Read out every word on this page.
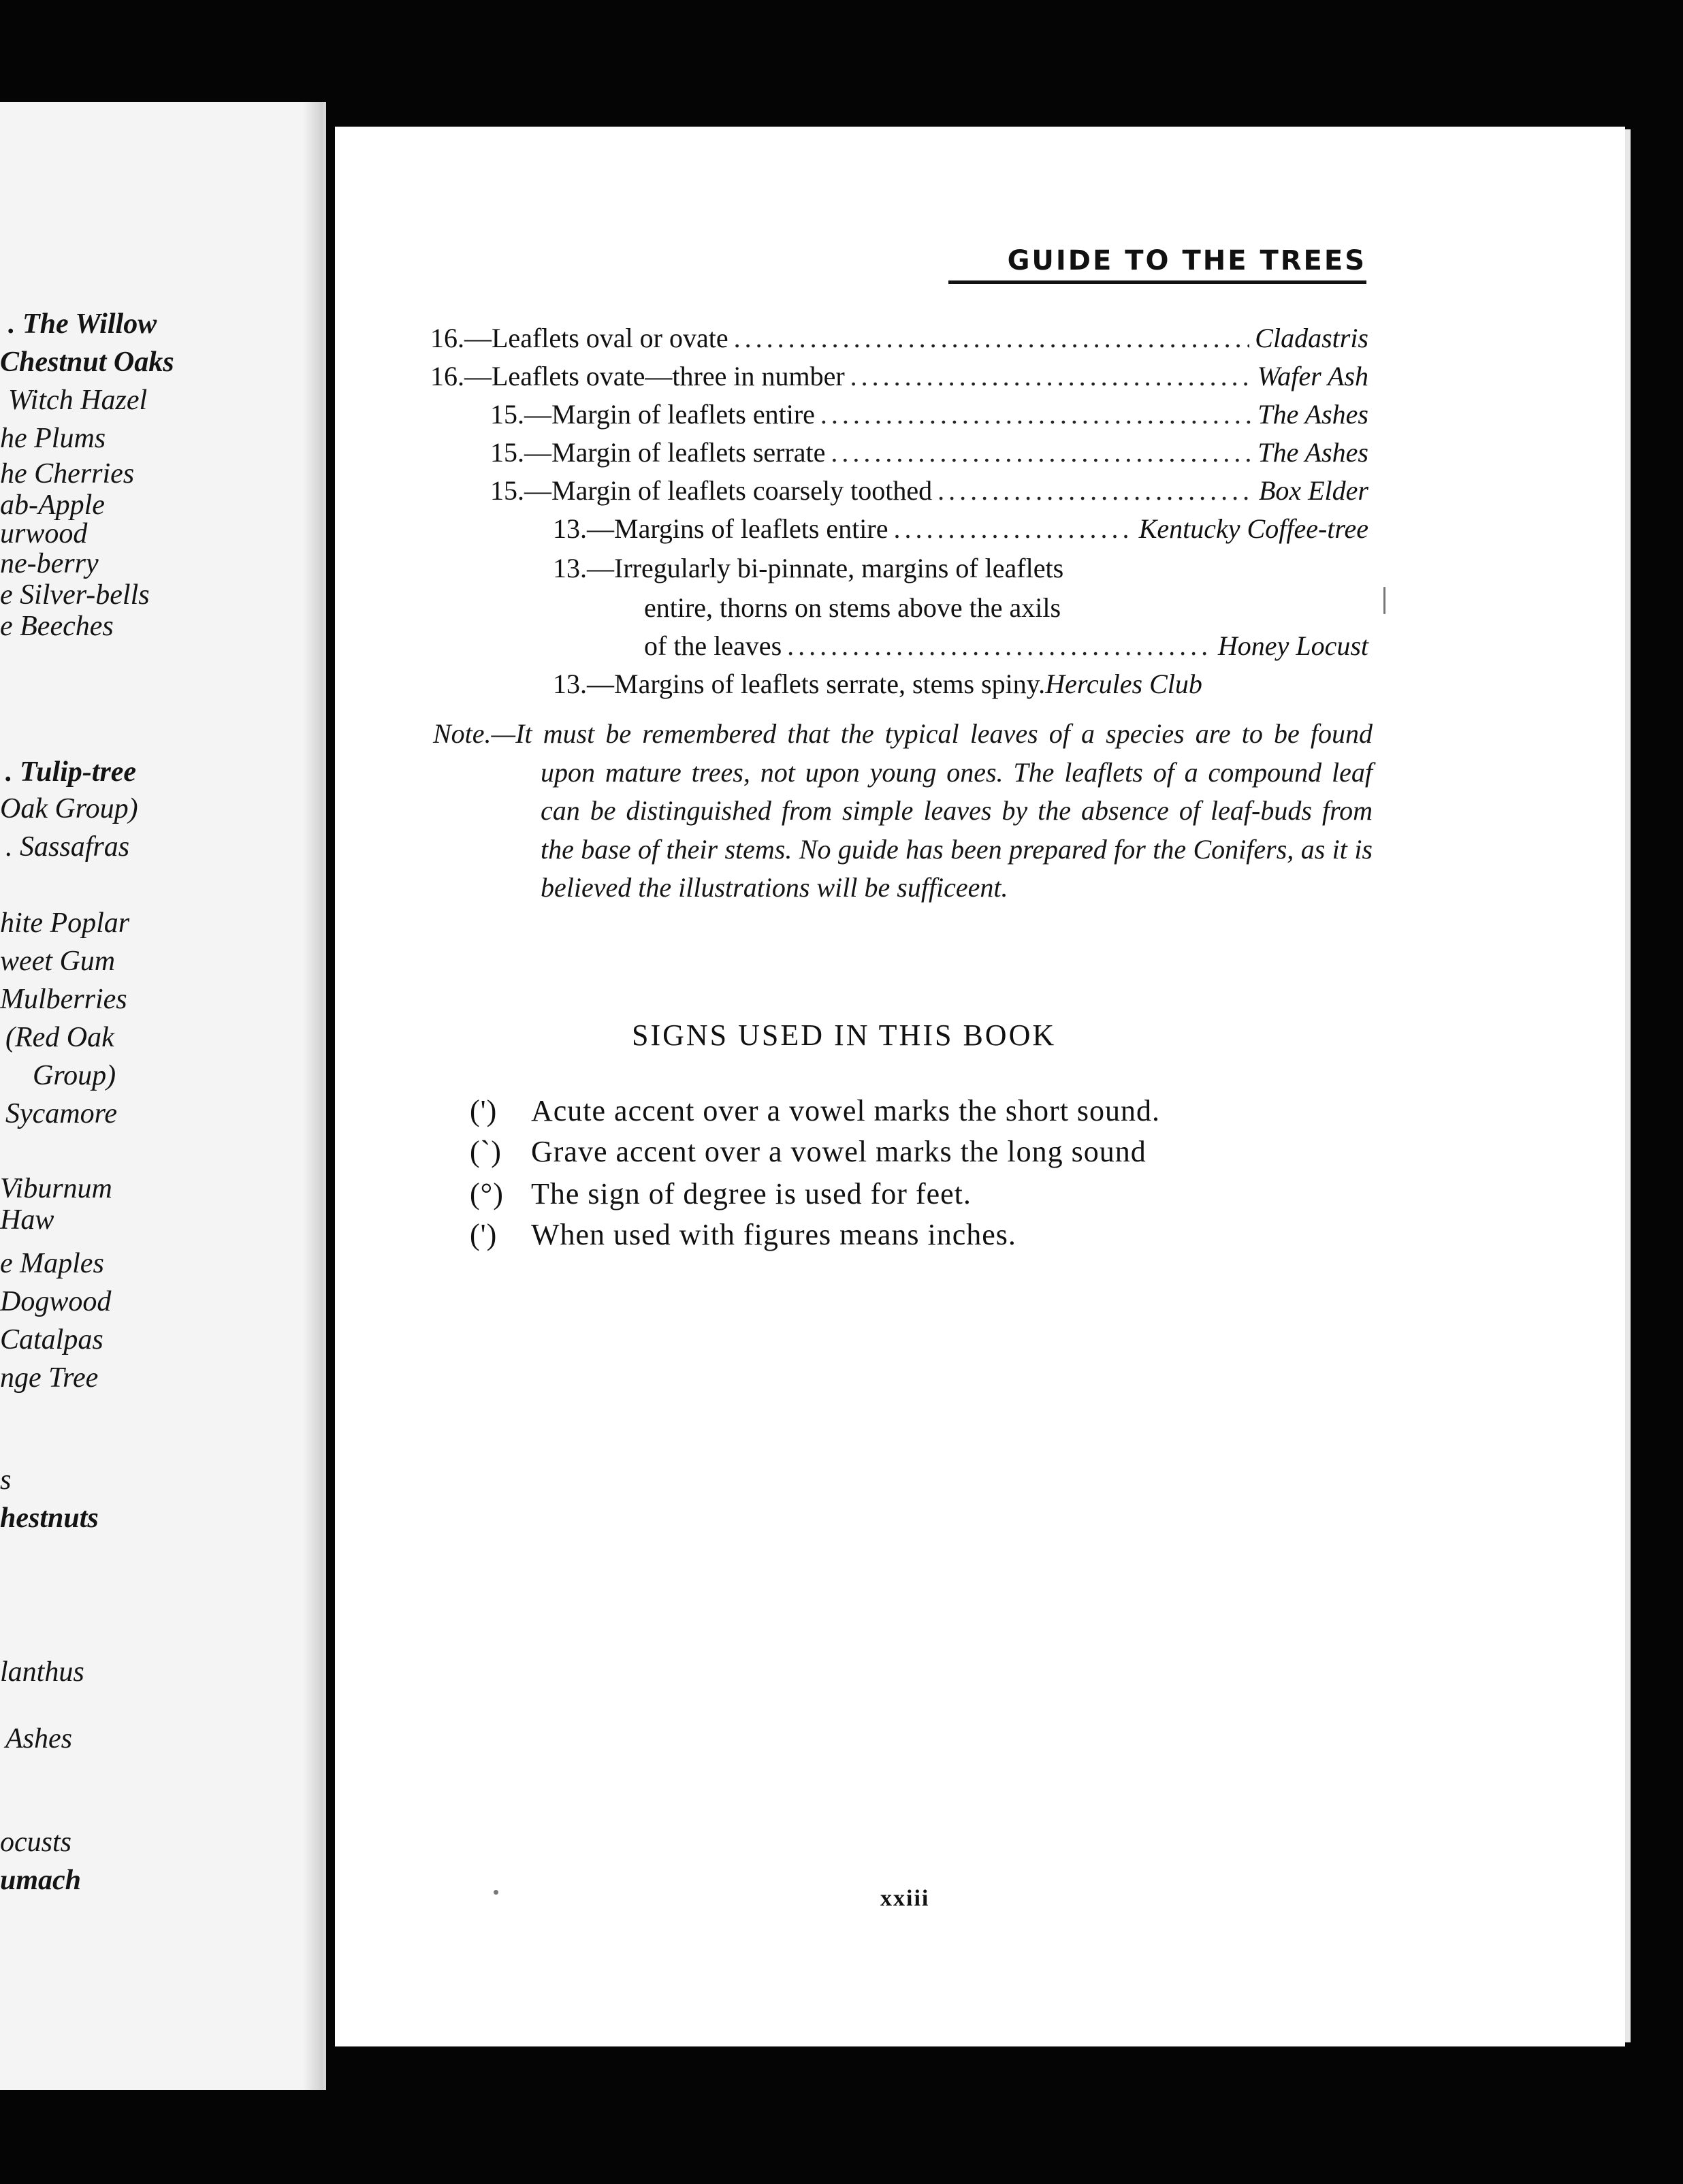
. The Willow
Chestnut Oaks
Witch Hazel
he Plums
he Cherries
ab-Apple
urwood
ne-berry
e Silver-bells
e Beeches
. Tulip-tree
Oak Group)
. Sassafras
hite Poplar
weet Gum
Mulberries
(Red Oak
Group)
Sycamore
Viburnum
Haw
e Maples
Dogwood
Catalpas
nge Tree
s
hestnuts
lanthus
Ashes
ocusts
umach
GUIDE TO THE TREES
16.—Leaflets oval or ovate .....	Cladastris
16.—Leaflets ovate—three in number .....	Wafer Ash
15.—Margin of leaflets entire .....	The Ashes
15.—Margin of leaflets serrate .....	The Ashes
15.—Margin of leaflets coarsely toothed .....	Box Elder
13.—Margins of leaflets entire .....	Kentucky Coffee-tree
13.—Irregularly bi-pinnate, margins of leaflets
entire, thorns on stems above the axils
of the leaves .....	Honey Locust
13.—Margins of leaflets serrate, stems spiny. Hercules Club
Note.—It must be remembered that the typical leaves of a species are to be found upon mature trees, not upon young ones. The leaflets of a compound leaf can be distinguished from simple leaves by the absence of leaf-buds from the base of their stems. No guide has been prepared for the Conifers, as it is believed the illustrations will be sufficeent.
SIGNS USED IN THIS BOOK
(') Acute accent over a vowel marks the short sound.
(`) Grave accent over a vowel marks the long sound
(°) The sign of degree is used for feet.
(') When used with figures means inches.
xxiii
